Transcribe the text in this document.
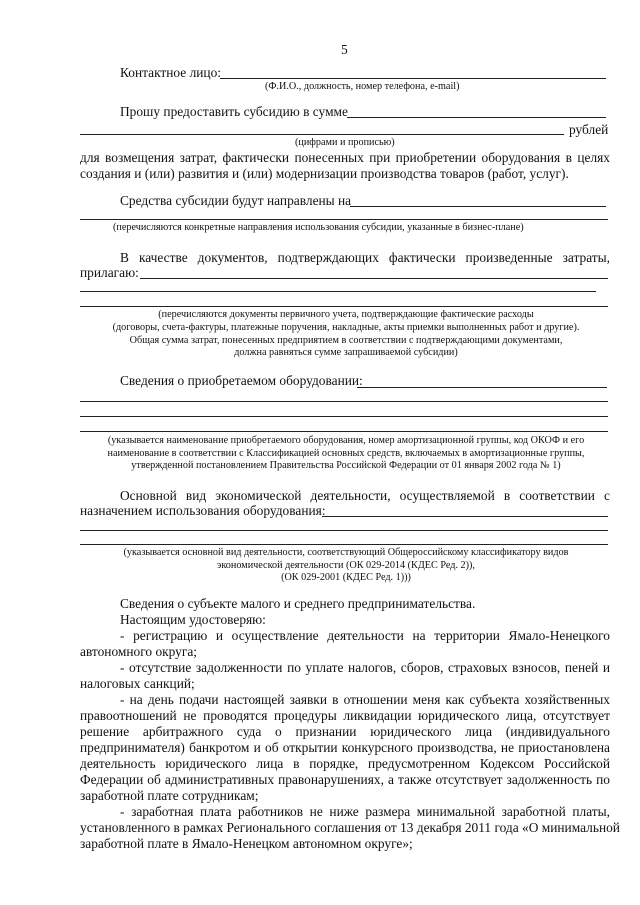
5
Контактное лицо:
(Ф.И.О., должность, номер телефона, e-mail)
Прошу предоставить субсидию в сумме
рублей
(цифрами и прописью)
для возмещения затрат, фактически понесенных при приобретении оборудования в целях
создания и (или) развития и (или) модернизации производства товаров (работ, услуг).
Средства субсидии будут направлены на
(перечисляются конкретные направления использования субсидии, указанные в бизнес-плане)
В качестве документов, подтверждающих фактически произведенные затраты,
прилагаю:
(перечисляются документы первичного учета, подтверждающие фактические расходы
(договоры, счета-фактуры, платежные поручения, накладные, акты приемки выполненных работ и другие).
Общая сумма затрат, понесенных предприятием в соответствии с подтверждающими документами,
должна равняться сумме запрашиваемой субсидии)
Сведения о приобретаемом оборудовании:
(указывается наименование приобретаемого оборудования, номер амортизационной группы, код ОКОФ и его
наименование в соответствии с Классификацией основных средств, включаемых в амортизационные группы,
утвержденной постановлением Правительства Российской Федерации от 01 января 2002 года № 1)
Основной вид экономической деятельности, осуществляемой в соответствии с
назначением использования оборудования:
(указывается основной вид деятельности, соответствующий Общероссийскому классификатору видов
экономической деятельности (ОК 029-2014 (КДЕС Ред. 2)),
(ОК 029-2001 (КДЕС Ред. 1)))
Сведения о субъекте малого и среднего предпринимательства.
Настоящим удостоверяю:
- регистрацию и осуществление деятельности на территории Ямало-Ненецкого
автономного округа;
- отсутствие задолженности по уплате налогов, сборов, страховых взносов, пеней и
налоговых санкций;
- на день подачи настоящей заявки в отношении меня как субъекта хозяйственных
правоотношений не проводятся процедуры ликвидации юридического лица, отсутствует
решение арбитражного суда о признании юридического лица (индивидуального
предпринимателя) банкротом и об открытии конкурсного производства, не приостановлена
деятельность юридического лица в порядке, предусмотренном Кодексом Российской
Федерации об административных правонарушениях, а также отсутствует задолженность по
заработной плате сотрудникам;
- заработная плата работников не ниже размера минимальной заработной платы,
установленного в рамках Регионального соглашения от 13 декабря 2011 года «О минимальной
заработной плате в Ямало-Ненецком автономном округе»;
